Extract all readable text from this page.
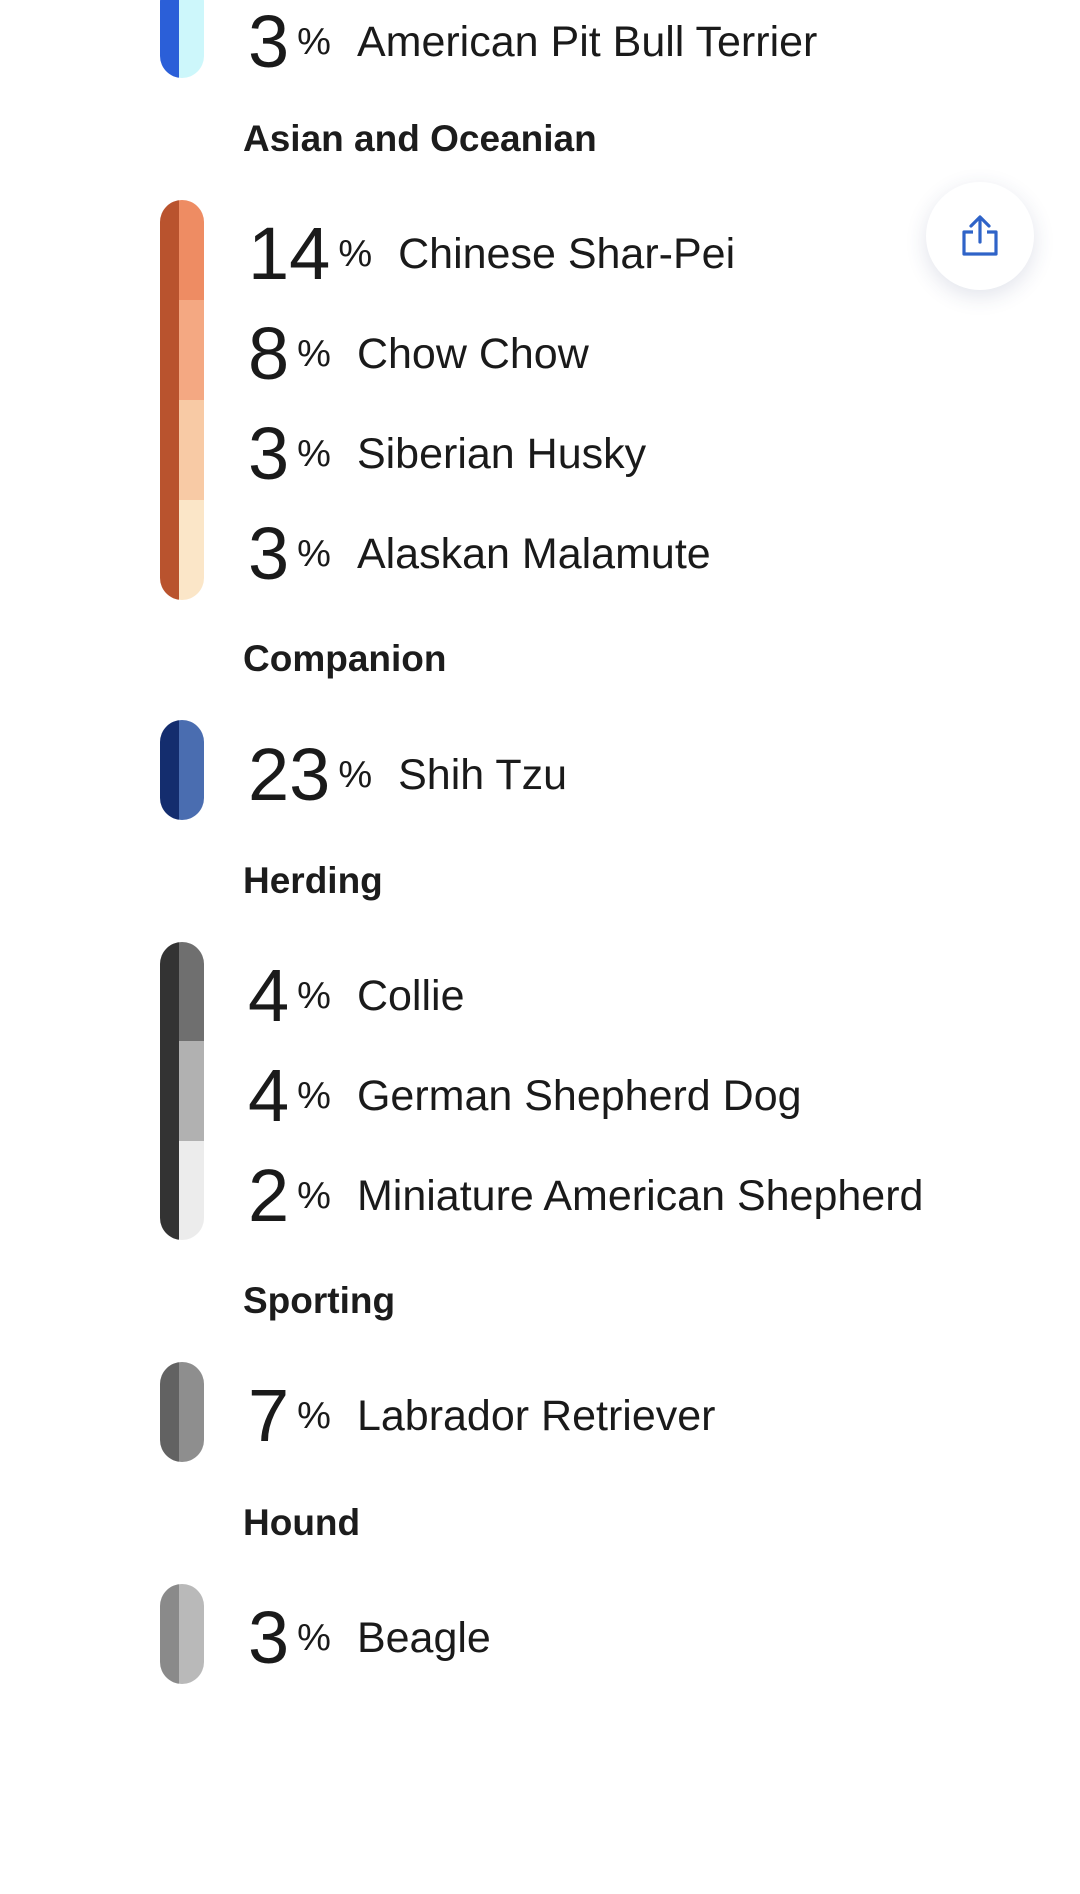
3 % American Pit Bull Terrier
Asian and Oceanian
14 % Chinese Shar-Pei
8 % Chow Chow
3 % Siberian Husky
3 % Alaskan Malamute
Companion
23 % Shih Tzu
Herding
4 % Collie
4 % German Shepherd Dog
2 % Miniature American Shepherd
Sporting
7 % Labrador Retriever
Hound
3 % Beagle
